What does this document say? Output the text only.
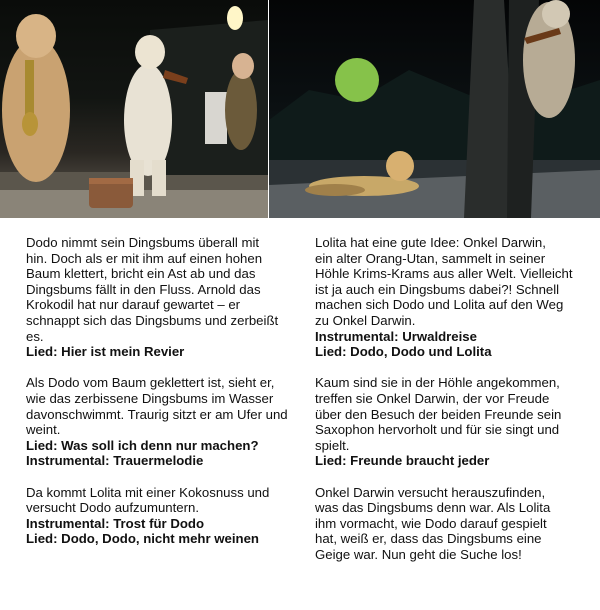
Dodo nimmt sein Dingsbums überall mit
hin. Doch als er mit ihm auf einen hohen
Baum klettert, bricht ein Ast ab und das
Dingsbums fällt in den Fluss. Arnold das
Krokodil hat nur darauf gewartet – er
schnappt sich das Dingsbums und zerbeißt
es.
Lied: Hier ist mein Revier

Als Dodo vom Baum geklettert ist, sieht er,
wie das zerbissene Dingsbums im Wasser
davonschwimmt. Traurig sitzt er am Ufer und
weint.
Lied: Was soll ich denn nur machen?
Instrumental: Trauermelodie

Da kommt Lolita mit einer Kokosnuss und
versucht Dodo aufzumuntern.
Instrumental: Trost für Dodo
Lied: Dodo, Dodo, nicht mehr weinen

Lolita hat eine gute Idee: Onkel Darwin,
ein alter Orang-Utan, sammelt in seiner
Höhle Krims-Krams aus aller Welt. Vielleicht
ist ja auch ein Dingsbums dabei?! Schnell
machen sich Dodo und Lolita auf den Weg
zu Onkel Darwin.
Instrumental: Urwaldreise
Lied: Dodo, Dodo und Lolita

Kaum sind sie in der Höhle angekommen,
treffen sie Onkel Darwin, der vor Freude
über den Besuch der beiden Freunde sein
Saxophon hervorholt und für sie singt und
spielt.
Lied: Freunde braucht jeder

Onkel Darwin versucht herauszufinden,
was das Dingsbums denn war. Als Lolita
ihm vormacht, wie Dodo darauf gespielt
hat, weiß er, dass das Dingsbums eine
Geige war. Nun geht die Suche los!
